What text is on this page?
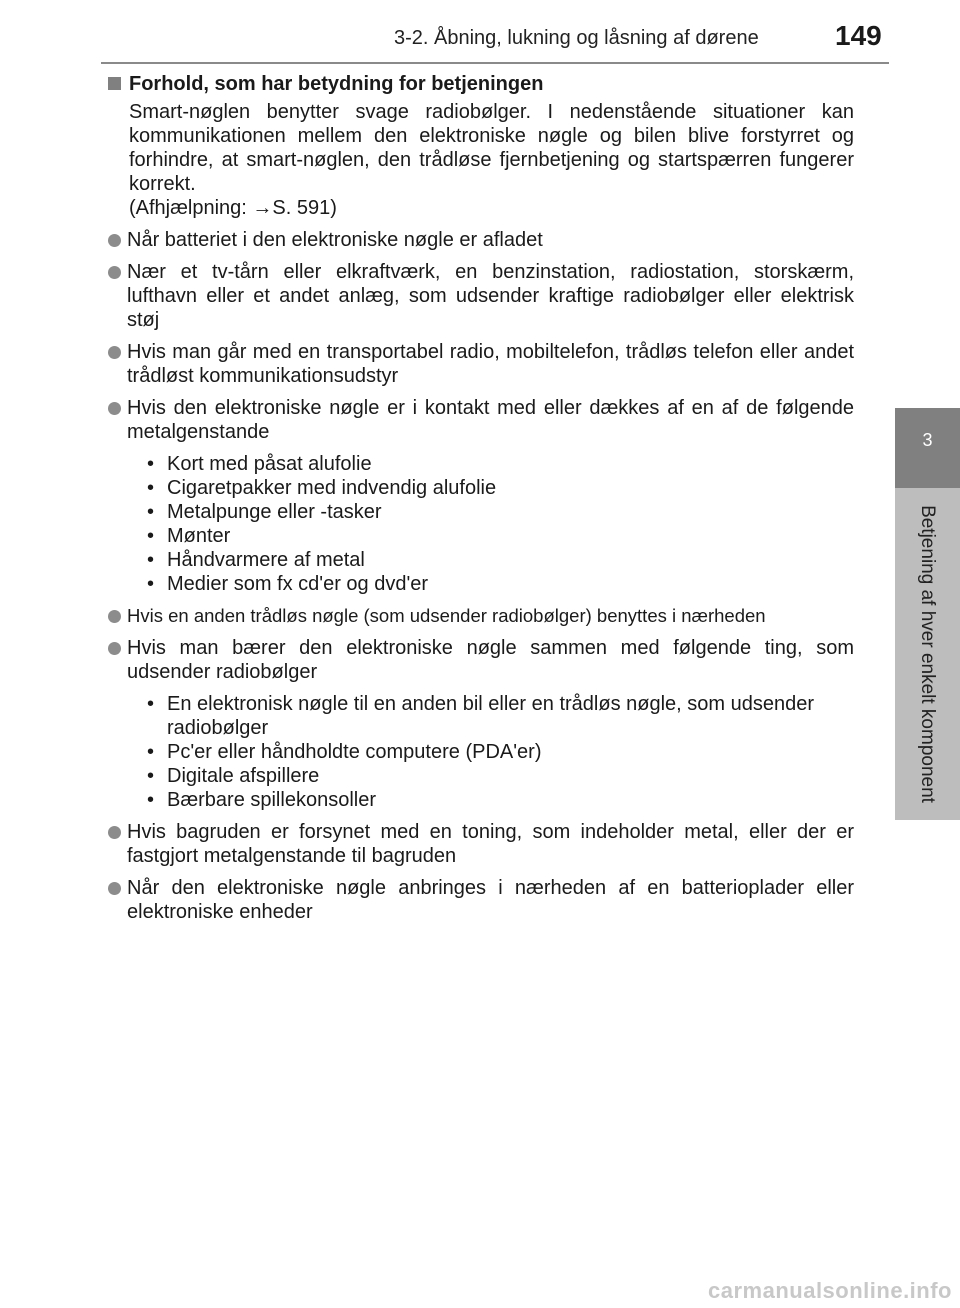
3-2. Åbning, lukning og låsning af dørene	149
3
Betjening af hver enkelt komponent
Forhold, som har betydning for betjeningen
Smart-nøglen benytter svage radiobølger. I nedenstående situationer kan kommunikationen mellem den elektroniske nøgle og bilen blive forstyrret og forhindre, at smart-nøglen, den trådløse fjernbetjening og startspærren fungerer korrekt.
(Afhjælpning: →S. 591)
Når batteriet i den elektroniske nøgle er afladet
Nær et tv-tårn eller elkraftværk, en benzinstation, radiostation, storskærm, lufthavn eller et andet anlæg, som udsender kraftige radiobølger eller elektrisk støj
Hvis man går med en transportabel radio, mobiltelefon, trådløs telefon eller andet trådløst kommunikationsudstyr
Hvis den elektroniske nøgle er i kontakt med eller dækkes af en af de følgende metalgenstande
• Kort med påsat alufolie
• Cigaretpakker med indvendig alufolie
• Metalpunge eller -tasker
• Mønter
• Håndvarmere af metal
• Medier som fx cd'er og dvd'er
Hvis en anden trådløs nøgle (som udsender radiobølger) benyttes i nærheden
Hvis man bærer den elektroniske nøgle sammen med følgende ting, som udsender radiobølger
• En elektronisk nøgle til en anden bil eller en trådløs nøgle, som udsender radiobølger
• Pc'er eller håndholdte computere (PDA'er)
• Digitale afspillere
• Bærbare spillekonsoller
Hvis bagruden er forsynet med en toning, som indeholder metal, eller der er fastgjort metalgenstande til bagruden
Når den elektroniske nøgle anbringes i nærheden af en batterioplader eller elektroniske enheder
carmanualsonline.info
